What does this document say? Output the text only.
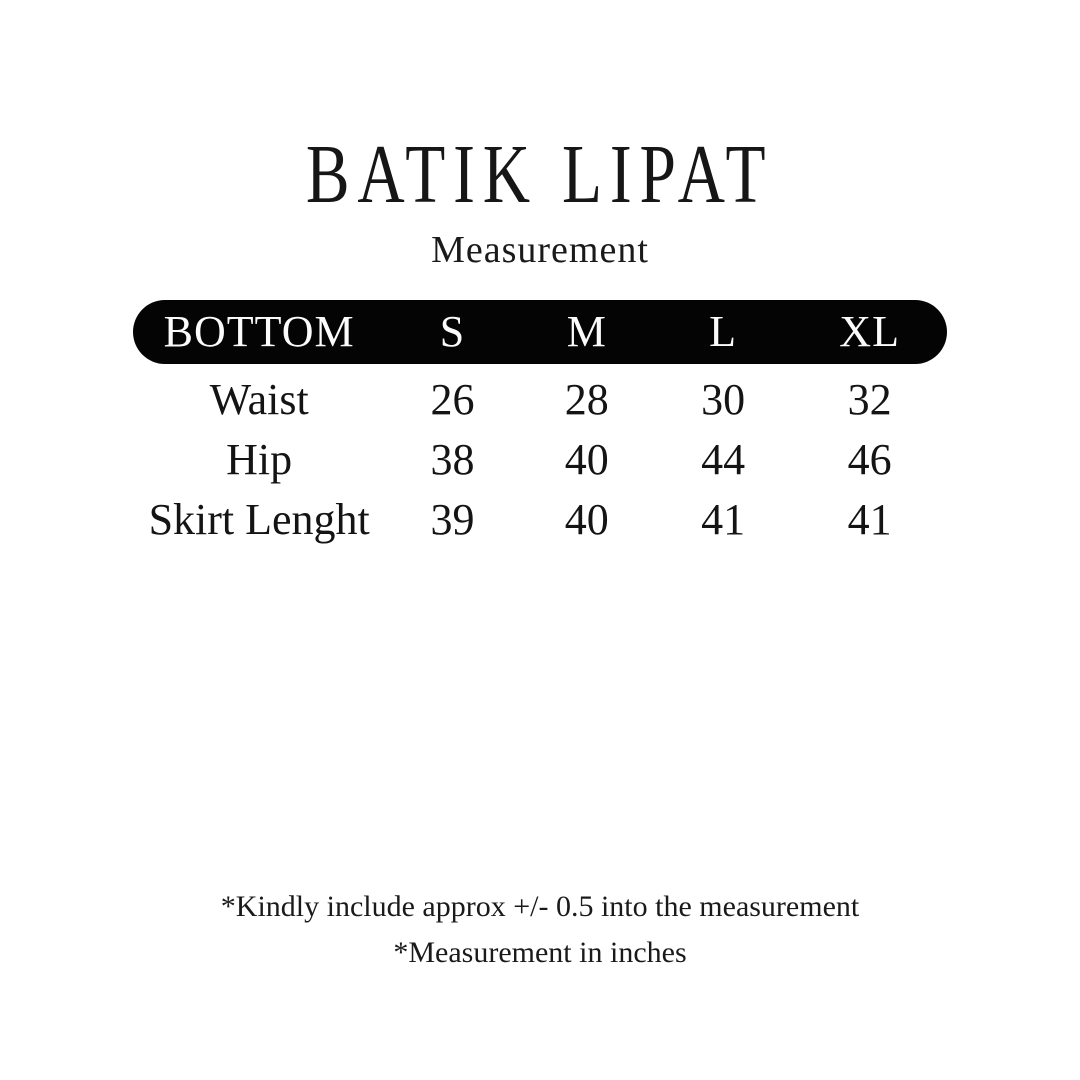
BATIK LIPAT
Measurement
BOTTOM	S	M	L	XL
Waist	26	28	30	32
Hip	38	40	44	46
Skirt Lenght	39	40	41	41

*Kindly include approx +/- 0.5 into the measurement

*Measurement in inches
